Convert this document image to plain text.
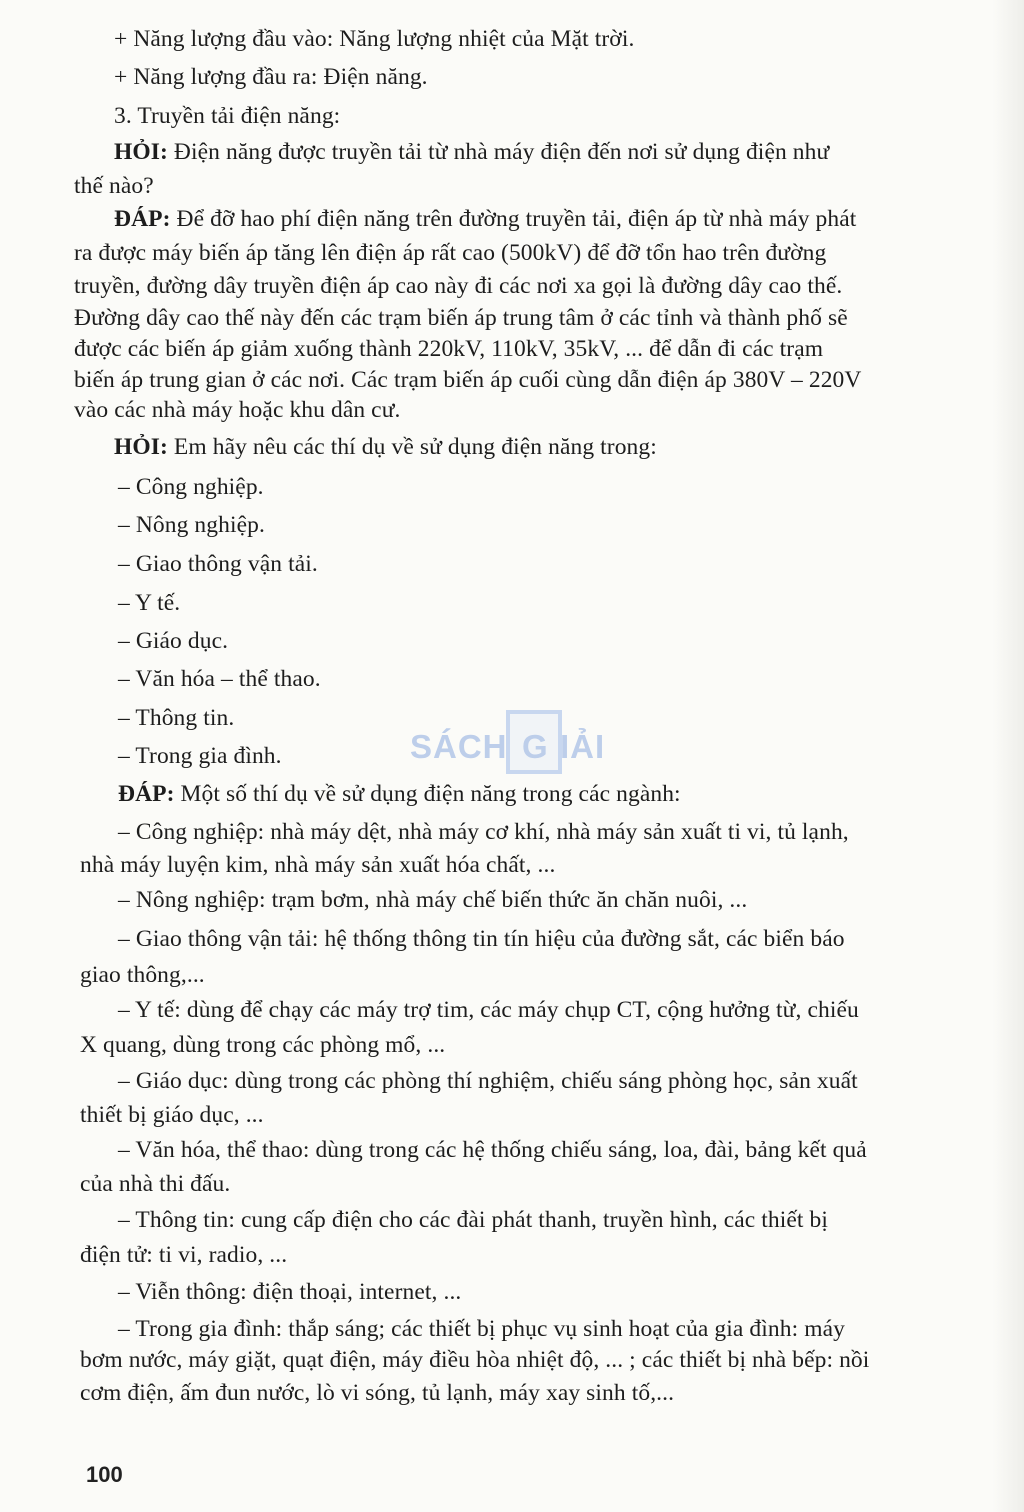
+ Năng lượng đầu vào: Năng lượng nhiệt của Mặt trời.
+ Năng lượng đầu ra: Điện năng.
3. Truyền tải điện năng:
HỎI: Điện năng được truyền tải từ nhà máy điện đến nơi sử dụng điện như
thế nào?
ĐÁP: Để đỡ hao phí điện năng trên đường truyền tải, điện áp từ nhà máy phát
ra được máy biến áp tăng lên điện áp rất cao (500kV) để đỡ tổn hao trên đường
truyền, đường dây truyền điện áp cao này đi các nơi xa gọi là đường dây cao thế.
Đường dây cao thế này đến các trạm biến áp trung tâm ở các tỉnh và thành phố sẽ
được các biến áp giảm xuống thành 220kV, 110kV, 35kV, ... để dẫn đi các trạm
biến áp trung gian ở các nơi. Các trạm biến áp cuối cùng dẫn điện áp 380V – 220V
vào các nhà máy hoặc khu dân cư.
HỎI: Em hãy nêu các thí dụ về sử dụng điện năng trong:
– Công nghiệp.
– Nông nghiệp.
– Giao thông vận tải.
– Y tế.
– Giáo dục.
– Văn hóa – thể thao.
– Thông tin.
– Trong gia đình.
ĐÁP: Một số thí dụ về sử dụng điện năng trong các ngành:
– Công nghiệp: nhà máy dệt, nhà máy cơ khí, nhà máy sản xuất ti vi, tủ lạnh,
nhà máy luyện kim, nhà máy sản xuất hóa chất, ...
– Nông nghiệp: trạm bơm, nhà máy chế biến thức ăn chăn nuôi, ...
– Giao thông vận tải: hệ thống thông tin tín hiệu của đường sắt, các biển báo
giao thông,...
– Y tế: dùng để chạy các máy trợ tim, các máy chụp CT, cộng hưởng từ, chiếu
X quang, dùng trong các phòng mổ, ...
– Giáo dục: dùng trong các phòng thí nghiệm, chiếu sáng phòng học, sản xuất
thiết bị giáo dục, ...
– Văn hóa, thể thao: dùng trong các hệ thống chiếu sáng, loa, đài, bảng kết quả
của nhà thi đấu.
– Thông tin: cung cấp điện cho các đài phát thanh, truyền hình, các thiết bị
điện tử: ti vi, radio, ...
– Viễn thông: điện thoại, internet, ...
– Trong gia đình: thắp sáng; các thiết bị phục vụ sinh hoạt của gia đình: máy
bơm nước, máy giặt, quạt điện, máy điều hòa nhiệt độ, ... ; các thiết bị nhà bếp: nồi
cơm điện, ấm đun nước, lò vi sóng, tủ lạnh, máy xay sinh tố,...
SÁCH G IẢI
100
